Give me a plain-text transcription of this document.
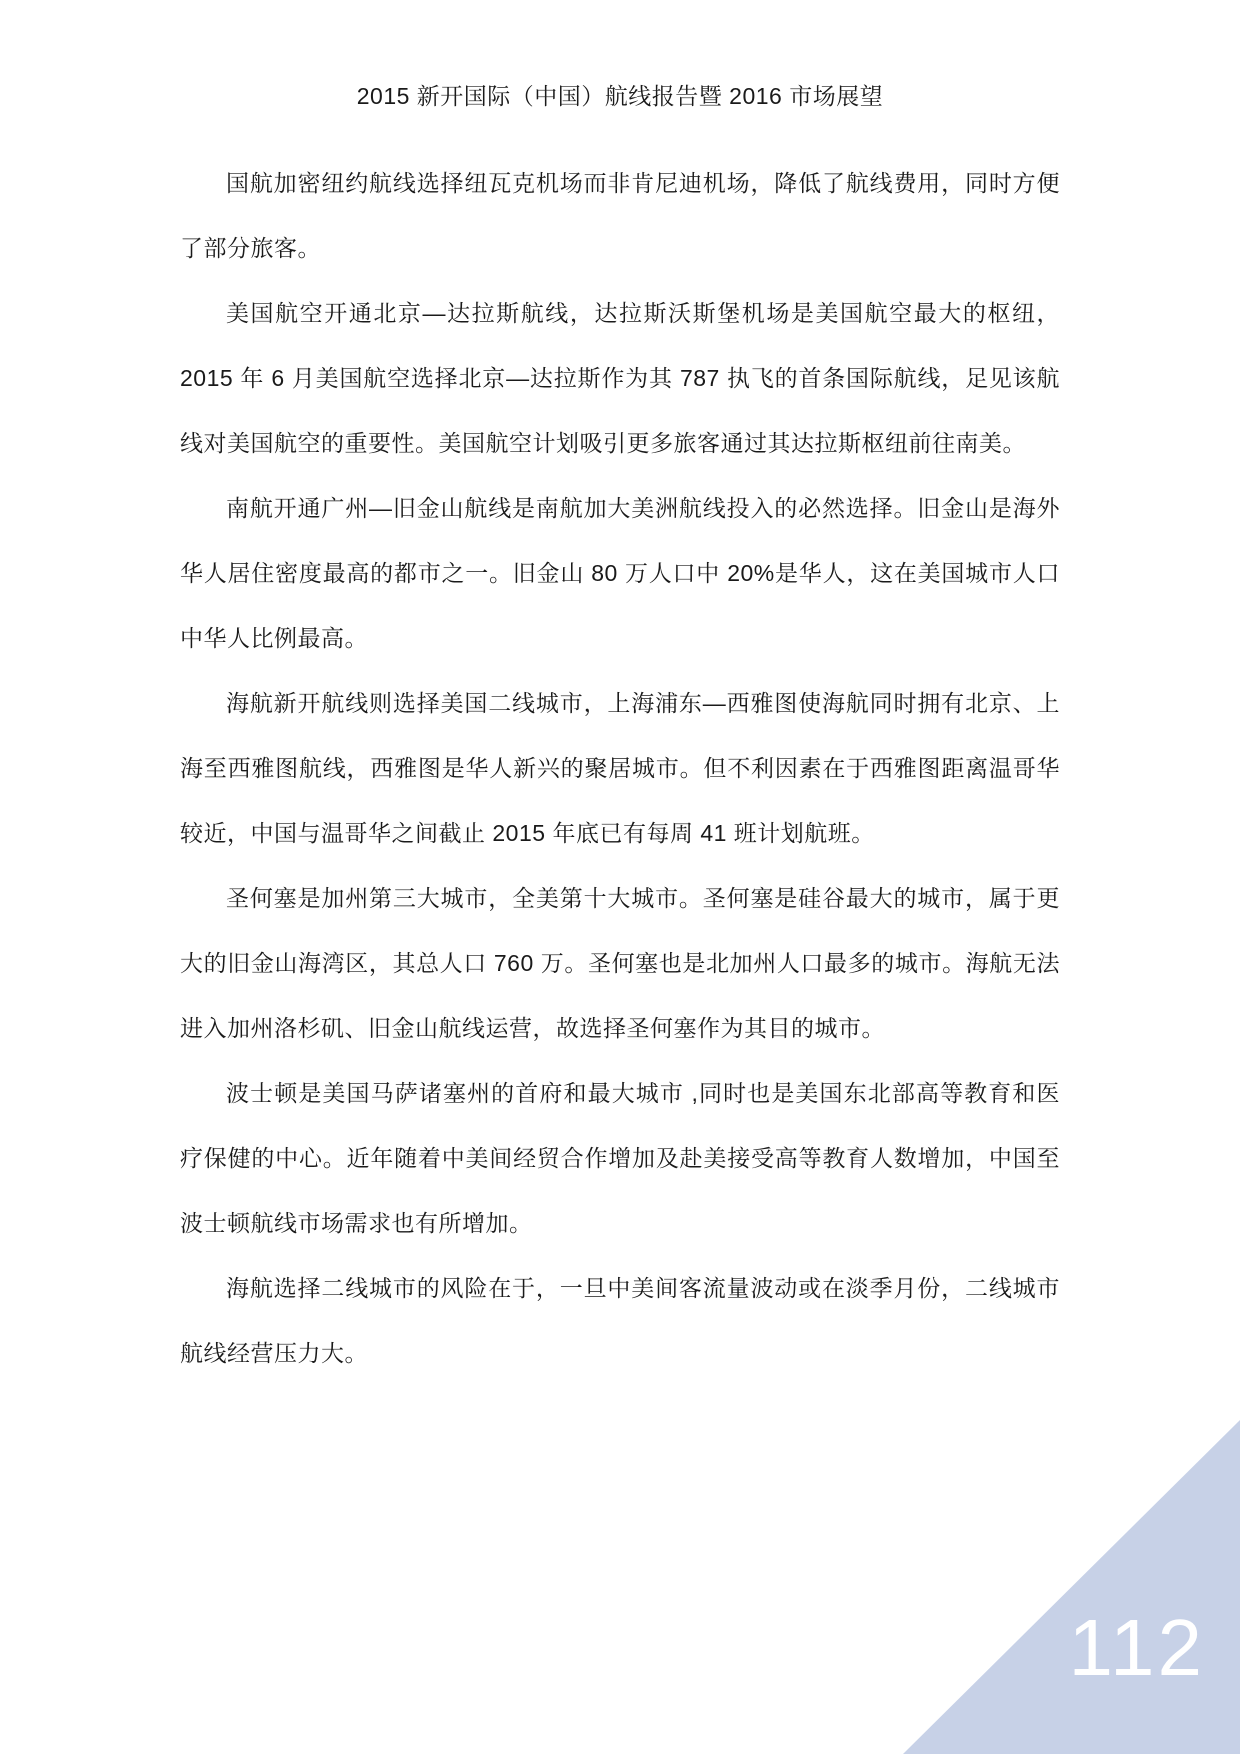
2015 新开国际（中国）航线报告暨 2016 市场展望
国航加密纽约航线选择纽瓦克机场而非肯尼迪机场，降低了航线费用，同时方便了部分旅客。
美国航空开通北京—达拉斯航线，达拉斯沃斯堡机场是美国航空最大的枢纽，2015 年 6 月美国航空选择北京—达拉斯作为其 787 执飞的首条国际航线，足见该航线对美国航空的重要性。美国航空计划吸引更多旅客通过其达拉斯枢纽前往南美。
南航开通广州—旧金山航线是南航加大美洲航线投入的必然选择。旧金山是海外华人居住密度最高的都市之一。旧金山 80 万人口中 20%是华人，这在美国城市人口中华人比例最高。
海航新开航线则选择美国二线城市，上海浦东—西雅图使海航同时拥有北京、上海至西雅图航线，西雅图是华人新兴的聚居城市。但不利因素在于西雅图距离温哥华较近，中国与温哥华之间截止 2015 年底已有每周 41 班计划航班。
圣何塞是加州第三大城市，全美第十大城市。圣何塞是硅谷最大的城市，属于更大的旧金山海湾区，其总人口 760 万。圣何塞也是北加州人口最多的城市。海航无法进入加州洛杉矶、旧金山航线运营，故选择圣何塞作为其目的城市。
波士顿是美国马萨诸塞州的首府和最大城市 ,同时也是美国东北部高等教育和医疗保健的中心。近年随着中美间经贸合作增加及赴美接受高等教育人数增加，中国至波士顿航线市场需求也有所增加。
海航选择二线城市的风险在于，一旦中美间客流量波动或在淡季月份，二线城市航线经营压力大。
112
